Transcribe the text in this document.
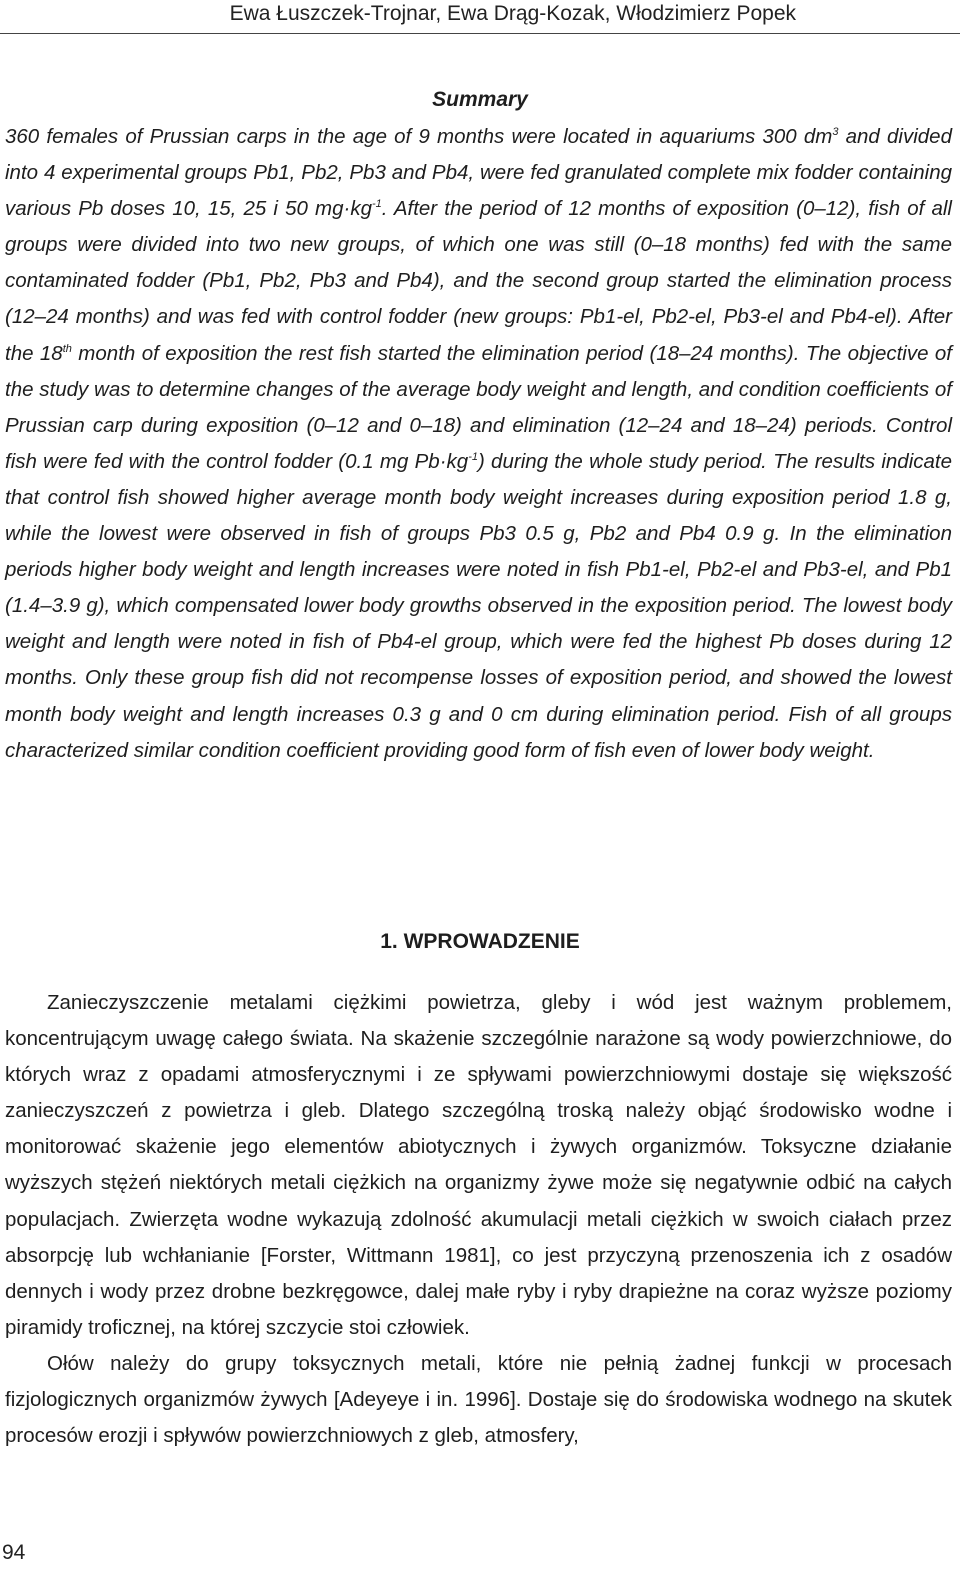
Ewa Łuszczek-Trojnar, Ewa Drąg-Kozak, Włodzimierz Popek
Summary
360 females of Prussian carps in the age of 9 months were located in aquariums 300 $dm^3$ and divided into 4 experimental groups Pb1, Pb2, Pb3 and Pb4, were fed granulated complete mix fodder containing various Pb doses 10, 15, 25 i 50 $mg\cdot kg^{-1}$. After the period of 12 months of exposition (0–12), fish of all groups were divided into two new groups, of which one was still (0–18 months) fed with the same contaminated fodder (Pb1, Pb2, Pb3 and Pb4), and the second group started the elimination process (12–24 months) and was fed with control fodder (new groups: Pb1-el, Pb2-el, Pb3-el and Pb4-el). After the 18th month of exposition the rest fish started the elimination period (18–24 months). The objective of the study was to determine changes of the average body weight and length, and condition coefficients of Prussian carp during exposition (0–12 and 0–18) and elimination (12–24 and 18–24) periods. Control fish were fed with the control fodder (0.1 mg $Pb\cdot kg^{-1}$) during the whole study period. The results indicate that control fish showed higher average month body weight increases during exposition period 1.8 g, while the lowest were observed in fish of groups Pb3 0.5 g, Pb2 and Pb4 0.9 g. In the elimination periods higher body weight and length increases were noted in fish Pb1-el, Pb2-el and Pb3-el, and Pb1 (1.4–3.9 g), which compensated lower body growths observed in the exposition period. The lowest body weight and length were noted in fish of Pb4-el group, which were fed the highest Pb doses during 12 months. Only these group fish did not recompense losses of exposition period, and showed the lowest month body weight and length increases 0.3 g and 0 cm during elimination period. Fish of all groups characterized similar condition coefficient providing good form of fish even of lower body weight.
1. WPROWADZENIE

Zanieczyszczenie metalami ciężkimi powietrza, gleby i wód jest ważnym problemem, koncentrującym uwagę całego świata. Na skażenie szczególnie narażone są wody powierzchniowe, do których wraz z opadami atmosferycznymi i ze spływami powierzchniowymi dostaje się większość zanieczyszczeń z powietrza i gleb. Dlatego szczególną troską należy objąć środowisko wodne i monitorować skażenie jego elementów abiotycznych i żywych organizmów. Toksyczne działanie wyższych stężeń niektórych metali ciężkich na organizmy żywe może się negatywnie odbić na całych populacjach. Zwierzęta wodne wykazują zdolność akumulacji metali ciężkich w swoich ciałach przez absorpcję lub wchłanianie [Forster, Wittmann 1981], co jest przyczyną przenoszenia ich z osadów dennych i wody przez drobne bezkręgowce, dalej małe ryby i ryby drapieżne na coraz wyższe poziomy piramidy troficznej, na której szczycie stoi człowiek.

Ołów należy do grupy toksycznych metali, które nie pełnią żadnej funkcji w procesach fizjologicznych organizmów żywych [Adeyeye i in. 1996]. Dostaje się do środowiska wodnego na skutek procesów erozji i spływów powierzchniowych z gleb, atmosfery,

94
